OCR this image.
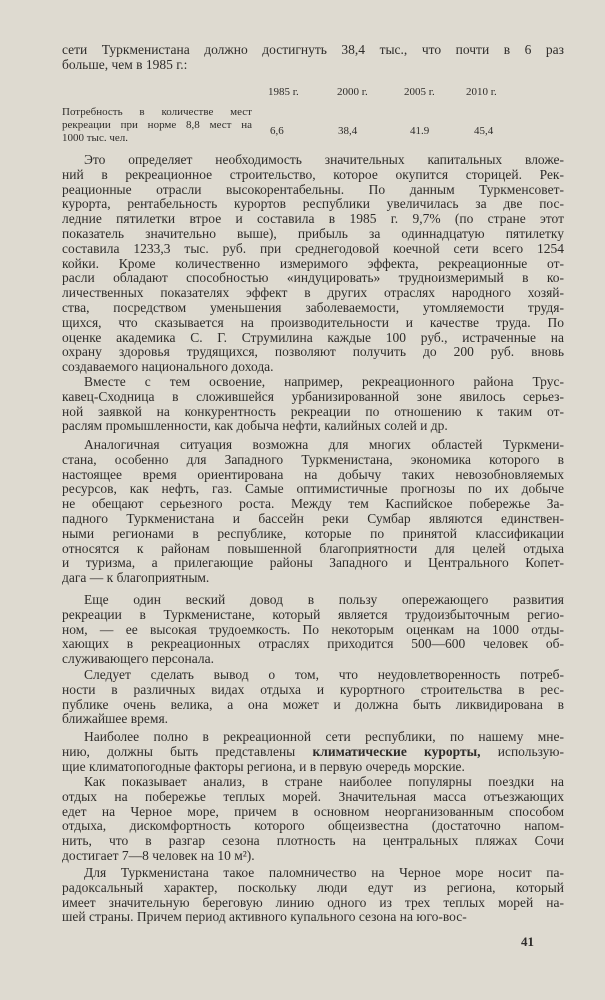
сети Туркменистана должно достигнуть 38,4 тыс., что почти в 6 раз
больше, чем в 1985 г.:
1985 г.	2000 г.	2005 г.	2010 г.
Потребность в количестве мест
рекреации при норме 8,8 мест на
1000 тыс. чел.
6,6	38,4	41.9	45,4
Это определяет необходимость значительных капитальных вложе-
ний в рекреационное строительство, которое окупится сторицей. Рек-
реационные отрасли высокорентабельны. По данным Туркменсовет-
курорта, рентабельность курортов республики увеличилась за две пос-
ледние пятилетки втрое и составила в 1985 г. 9,7% (по стране этот
показатель значительно выше), прибыль за одиннадцатую пятилетку
составила 1233,3 тыс. руб. при среднегодовой коечной сети всего 1254
койки. Кроме количественно измеримого эффекта, рекреационные от-
расли обладают способностью «индуцировать» трудноизмеримый в ко-
личественных показателях эффект в других отраслях народного хозяй-
ства, посредством уменьшения заболеваемости, утомляемости трудя-
щихся, что сказывается на производительности и качестве труда. По
оценке академика С. Г. Струмилина каждые 100 руб., истраченные на
охрану здоровья трудящихся, позволяют получить до 200 руб. вновь
создаваемого национального дохода.
Вместе с тем освоение, например, рекреационного района Трус-
кавец-Сходница в сложившейся урбанизированной зоне явилось серьез-
ной заявкой на конкурентность рекреации по отношению к таким от-
раслям промышленности, как добыча нефти, калийных солей и др.
Аналогичная ситуация возможна для многих областей Туркмени-
стана, особенно для Западного Туркменистана, экономика которого в
настоящее время ориентирована на добычу таких невозобновляемых
ресурсов, как нефть, газ. Самые оптимистичные прогнозы по их добыче
не обещают серьезного роста. Между тем Каспийское побережье За-
падного Туркменистана и бассейн реки Сумбар являются единствен-
ными регионами в республике, которые по принятой классификации
относятся к районам повышенной благоприятности для целей отдыха
и туризма, а прилегающие районы Западного и Центрального Копет-
дага — к благоприятным.
Еще один веский довод в пользу опережающего развития
рекреации в Туркменистане, который является трудоизбыточным регио-
ном, — ее высокая трудоемкость. По некоторым оценкам на 1000 отды-
хающих в рекреационных отраслях приходится 500—600 человек об-
служивающего персонала.
Следует сделать вывод о том, что неудовлетворенность потреб-
ности в различных видах отдыха и курортного строительства в рес-
публике очень велика, а она может и должна быть ликвидирована в
ближайшее время.
Наиболее полно в рекреационной сети республики, по нашему мне-
нию, должны быть представлены климатические курорты, использую-
щие климатопогодные факторы региона, и в первую очередь морские.
Как показывает анализ, в стране наиболее популярны поездки на
отдых на побережье теплых морей. Значительная масса отъезжающих
едет на Черное море, причем в основном неорганизованным способом
отдыха, дискомфортность которого общеизвестна (достаточно напом-
нить, что в разгар сезона плотность на центральных пляжах Сочи
достигает 7—8 человек на 10 м²).
Для Туркменистана такое паломничество на Черное море носит па-
радоксальный характер, поскольку люди едут из региона, который
имеет значительную береговую линию одного из трех теплых морей на-
шей страны. Причем период активного купального сезона на юго-вос-
41
